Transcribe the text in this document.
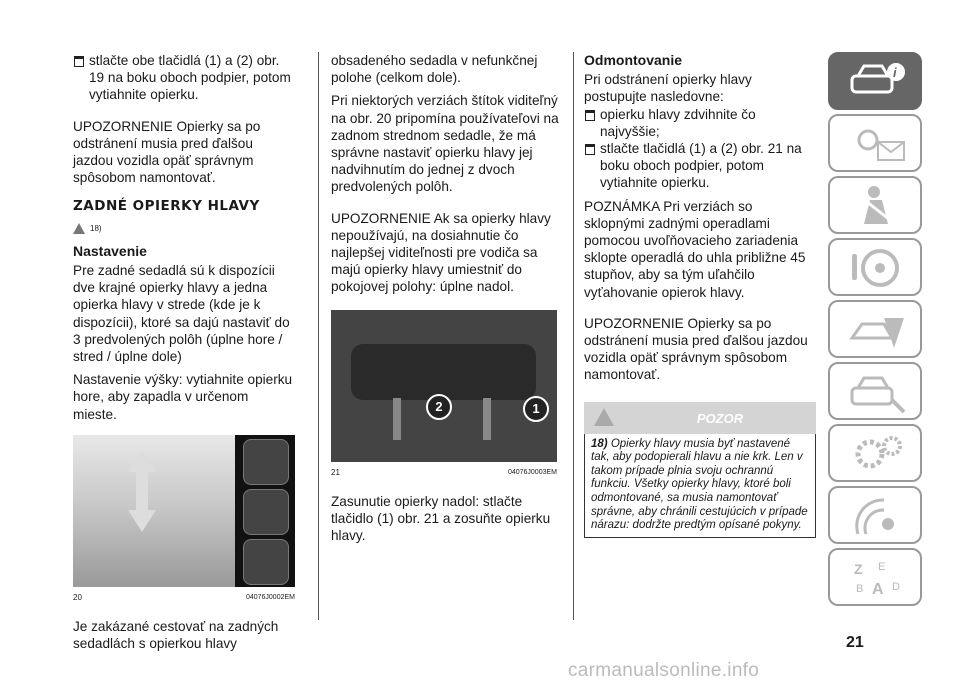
stlačte obe tlačidlá (1) a (2) obr. 19 na boku oboch podpier, potom vytiahnite opierku.

UPOZORNENIE Opierky sa po odstránení musia pred ďalšou jazdou vozidla opäť správnym spôsobom namontovať.

ZADNÉ OPIERKY HLAVY
18)
Nastavenie

Pre zadné sedadlá sú k dispozícii dve krajné opierky hlavy a jedna opierka hlavy v strede (kde je k dispozícii), ktoré sa dajú nastaviť do 3 predvolených polôh (úplne hore / stred / úplne dole)

Nastavenie výšky: vytiahnite opierku hore, aby zapadla v určenom mieste.

20	04076J0002EM

Je zakázané cestovať na zadných sedadlách s opierkou hlavy

obsadeného sedadla v nefunkčnej polohe (celkom dole).

Pri niektorých verziách štítok viditeľný na obr. 20 pripomína používateľovi na zadnom strednom sedadle, že má správne nastaviť opierku hlavy jej nadvihnutím do jednej z dvoch predvolených polôh.

UPOZORNENIE Ak sa opierky hlavy nepoužívajú, na dosiahnutie čo najlepšej viditeľnosti pre vodiča sa majú opierky hlavy umiestniť do pokojovej polohy: úplne nadol.

2	1
21	04076J0003EM

Zasunutie opierky nadol: stlačte tlačidlo (1) obr. 21 a zosuňte opierku hlavy.

Odmontovanie

Pri odstránení opierky hlavy postupujte nasledovne:

opierku hlavy zdvihnite čo najvyššie;

stlačte tlačidlá (1) a (2) obr. 21 na boku oboch podpier, potom vytiahnite opierku.

POZNÁMKA Pri verziách so sklopnými zadnými operadlami pomocou uvoľňovacieho zariadenia sklopte operadlá do uhla približne 45 stupňov, aby sa tým uľahčilo vyťahovanie opierok hlavy.

UPOZORNENIE Opierky sa po odstránení musia pred ďalšou jazdou vozidla opäť správnym spôsobom namontovať.

POZOR
18) Opierky hlavy musia byť nastavené tak, aby podopierali hlavu a nie krk. Len v takom prípade plnia svoju ochrannú funkciu. Všetky opierky hlavy, ktoré boli odmontované, sa musia namontovať správne, aby chránili cestujúcich v prípade nárazu: dodržte predtým opísané pokyny.
i
Z E
B A D
21
carmanualsonline.info
